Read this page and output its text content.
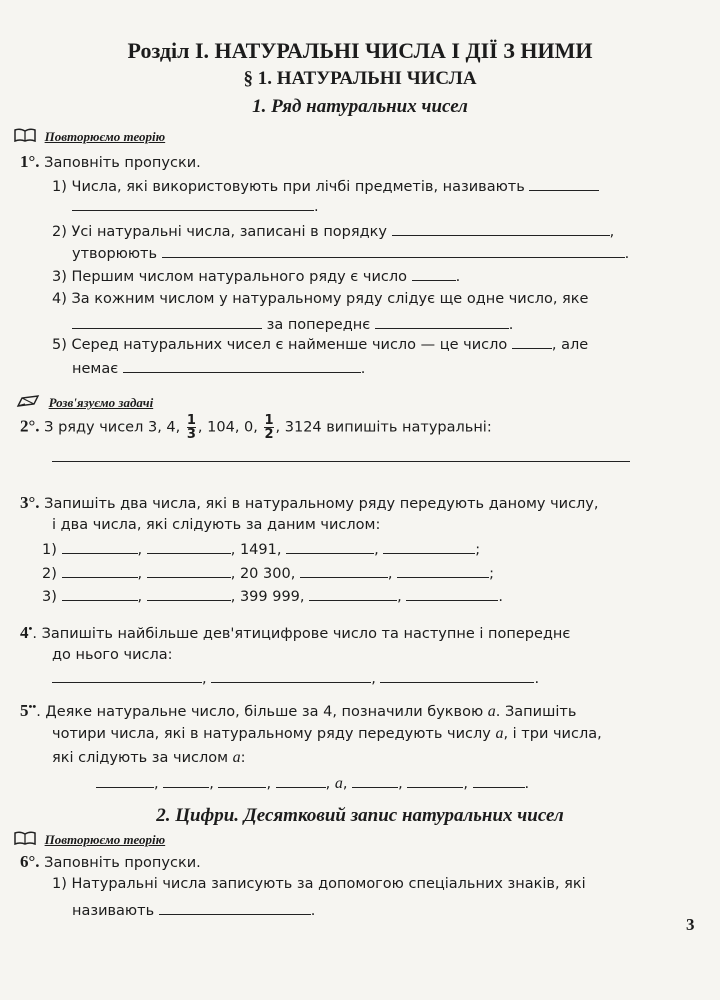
Розділ I. НАТУРАЛЬНІ ЧИСЛА І ДІЇ З НИМИ
§ 1. НАТУРАЛЬНІ ЧИСЛА
1. Ряд натуральних чисел
Повторюємо теорію
1°. Заповніть пропуски.
1) Числа, які використовують при лічбі предметів, називають
.
2) Усі натуральні числа, записані в порядку	,
утворюють	.
3) Першим числом натурального ряду є число	.
4) За кожним числом у натуральному ряду слідує ще одне число, яке
за попереднє	.
5) Серед натуральних чисел є найменше число — це число	, але
немає	.
Розв'язуємо задачі
2°. З ряду чисел 3, 4, $\frac{1}{3}$ , 104, 0, $\frac{1}{2}$ , 3124 випишіть натуральні:
3°. Запишіть два числа, які в натуральному ряду передують даному числу,
і два числа, які слідують за даним числом:
1)	,	, 1491,	,	;
2)	,	, 20 300,	,	;
3)	,	, 399 999,	,	.
4•. Запишіть найбільше дев'ятицифрове число та наступне і попереднє
до нього числа:
,	,	.
5••. Деяке натуральне число, більше за 4, позначили буквою a. Запишіть
чотири числа, які в натуральному ряду передують числу a, і три числа,
які слідують за числом a:
,	,	,	, a,	,	,	.
2. Цифри. Десятковий запис натуральних чисел
Повторюємо теорію
6°. Заповніть пропуски.
1) Натуральні числа записують за допомогою спеціальних знаків, які
називають	.
3
